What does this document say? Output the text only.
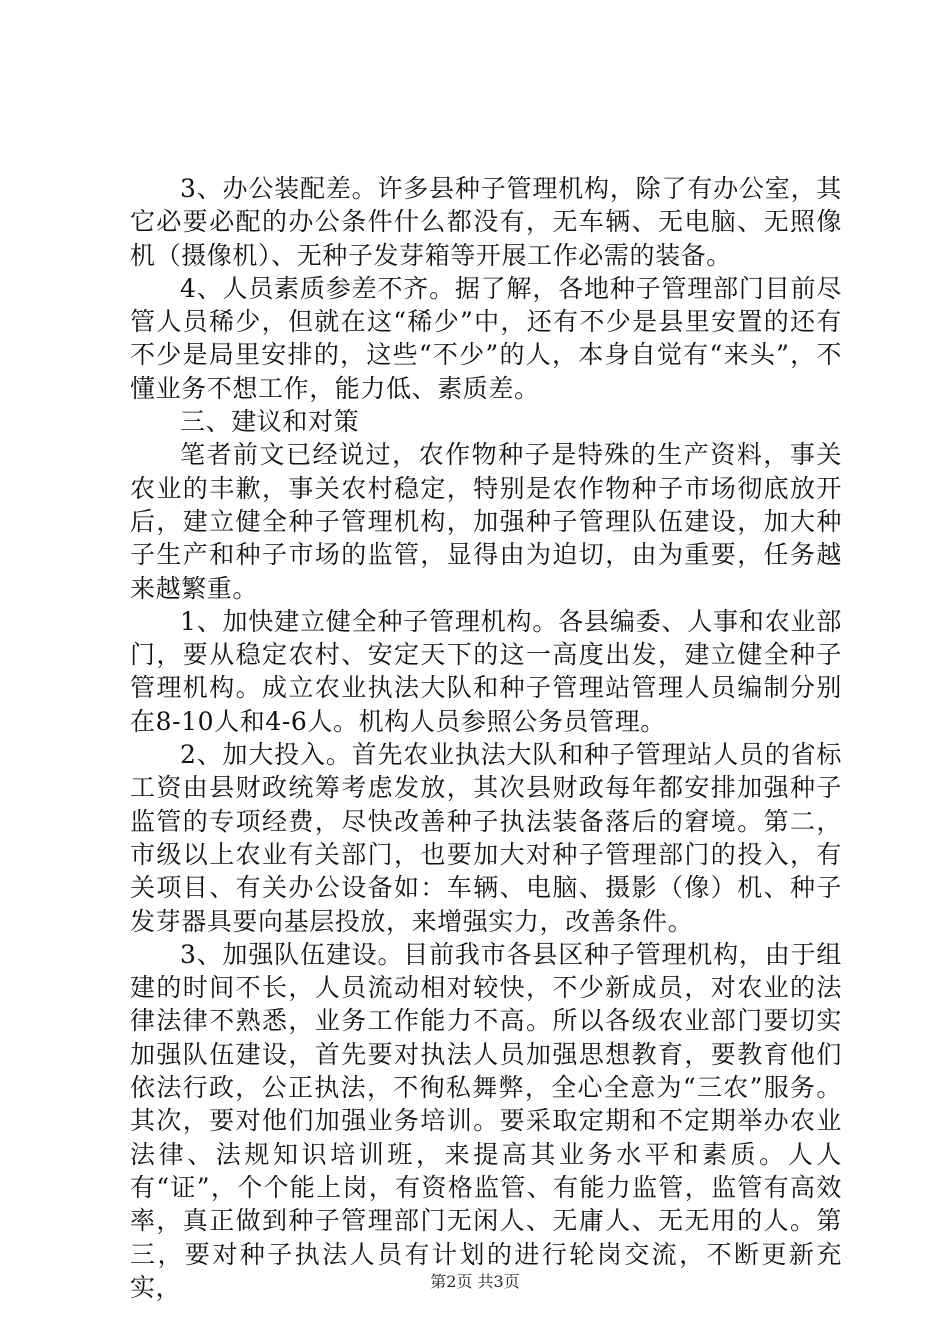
3、办公装配差。许多县种子管理机构，除了有办公室，其它必要必配的办公条件什么都没有，无车辆、无电脑、无照像机（摄像机）、无种子发芽箱等开展工作必需的装备。

4、人员素质参差不齐。据了解，各地种子管理部门目前尽管人员稀少，但就在这“稀少”中，还有不少是县里安置的还有不少是局里安排的，这些“不少”的人，本身自觉有“来头”，不懂业务不想工作，能力低、素质差。

三、建议和对策

笔者前文已经说过，农作物种子是特殊的生产资料，事关农业的丰歉，事关农村稳定，特别是农作物种子市场彻底放开后，建立健全种子管理机构，加强种子管理队伍建设，加大种子生产和种子市场的监管，显得由为迫切，由为重要，任务越来越繁重。

1、加快建立健全种子管理机构。各县编委、人事和农业部门，要从稳定农村、安定天下的这一高度出发，建立健全种子管理机构。成立农业执法大队和种子管理站管理人员编制分别在8-10人和4-6人。机构人员参照公务员管理。

2、加大投入。首先农业执法大队和种子管理站人员的省标工资由县财政统筹考虑发放，其次县财政每年都安排加强种子监管的专项经费，尽快改善种子执法装备落后的窘境。第二，市级以上农业有关部门，也要加大对种子管理部门的投入，有关项目、有关办公设备如：车辆、电脑、摄影（像）机、种子发芽器具要向基层投放，来增强实力，改善条件。

3、加强队伍建设。目前我市各县区种子管理机构，由于组建的时间不长，人员流动相对较快，不少新成员，对农业的法律法律不熟悉，业务工作能力不高。所以各级农业部门要切实加强队伍建设，首先要对执法人员加强思想教育，要教育他们依法行政，公正执法，不徇私舞弊，全心全意为“三农”服务。其次，要对他们加强业务培训。要采取定期和不定期举办农业法律、法规知识培训班，来提高其业务水平和素质。人人有“证”，个个能上岗，有资格监管、有能力监管，监管有高效率，真正做到种子管理部门无闲人、无庸人、无无用的人。第三，要对种子执法人员有计划的进行轮岗交流，不断更新充实，	第2页 共3页
